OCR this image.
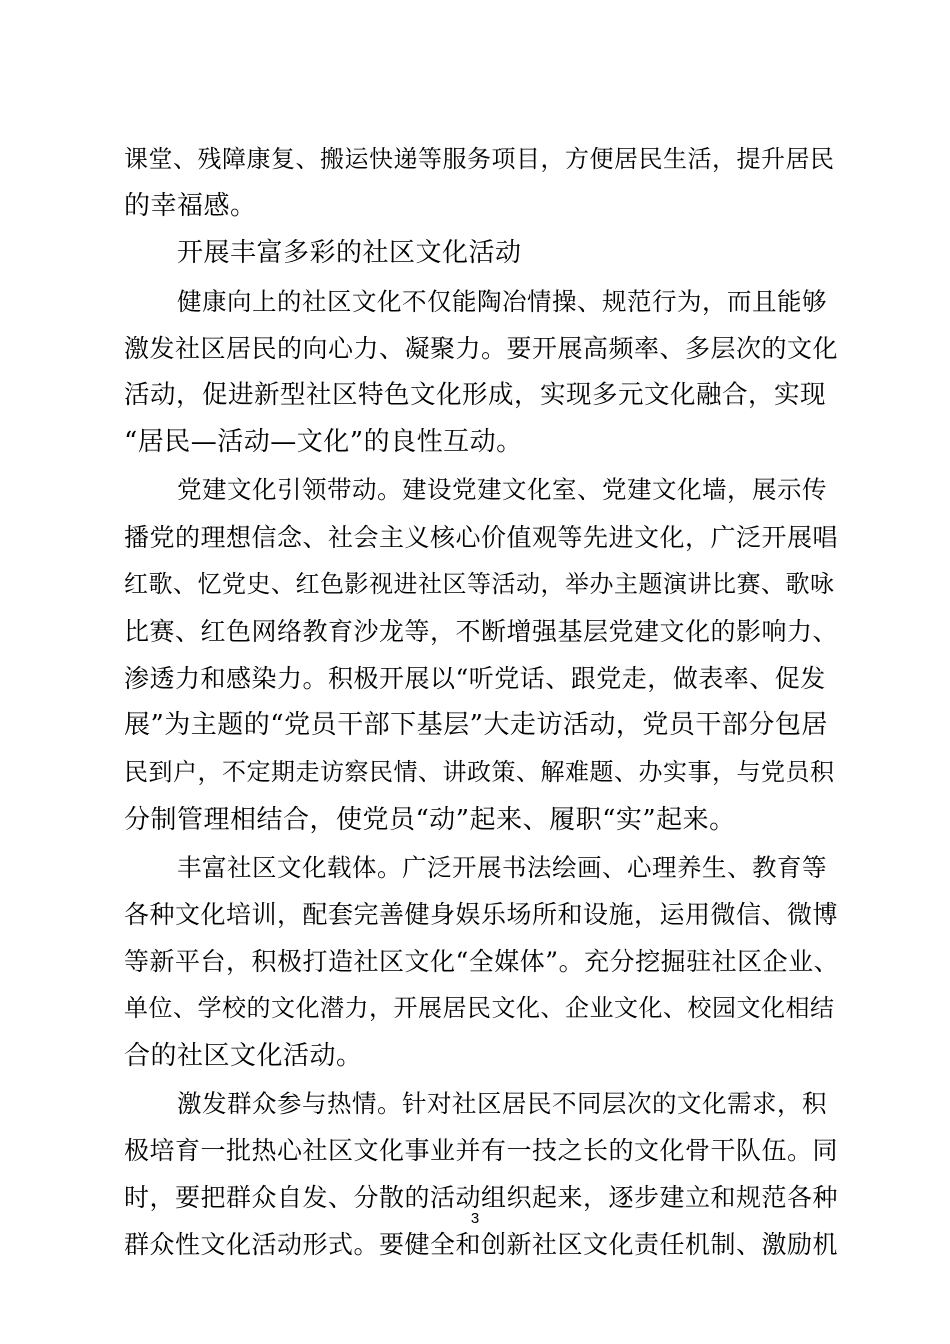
课堂、残障康复、搬运快递等服务项目，方便居民生活，提升居民
的幸福感。
开展丰富多彩的社区文化活动
健康向上的社区文化不仅能陶冶情操、规范行为，而且能够
激发社区居民的向心力、凝聚力。要开展高频率、多层次的文化
活动，促进新型社区特色文化形成，实现多元文化融合，实现
“居民—活动—文化”的良性互动。
党建文化引领带动。建设党建文化室、党建文化墙，展示传
播党的理想信念、社会主义核心价值观等先进文化，广泛开展唱
红歌、忆党史、红色影视进社区等活动，举办主题演讲比赛、歌咏
比赛、红色网络教育沙龙等，不断增强基层党建文化的影响力、
渗透力和感染力。积极开展以“听党话、跟党走，做表率、促发
展”为主题的“党员干部下基层”大走访活动，党员干部分包居
民到户，不定期走访察民情、讲政策、解难题、办实事，与党员积
分制管理相结合，使党员“动”起来、履职“实”起来。
丰富社区文化载体。广泛开展书法绘画、心理养生、教育等
各种文化培训，配套完善健身娱乐场所和设施，运用微信、微博
等新平台，积极打造社区文化“全媒体”。充分挖掘驻社区企业、
单位、学校的文化潜力，开展居民文化、企业文化、校园文化相结
合的社区文化活动。
激发群众参与热情。针对社区居民不同层次的文化需求，积
极培育一批热心社区文化事业并有一技之长的文化骨干队伍。同
时，要把群众自发、分散的活动组织起来，逐步建立和规范各种
群众性文化活动形式。要健全和创新社区文化责任机制、激励机
3
